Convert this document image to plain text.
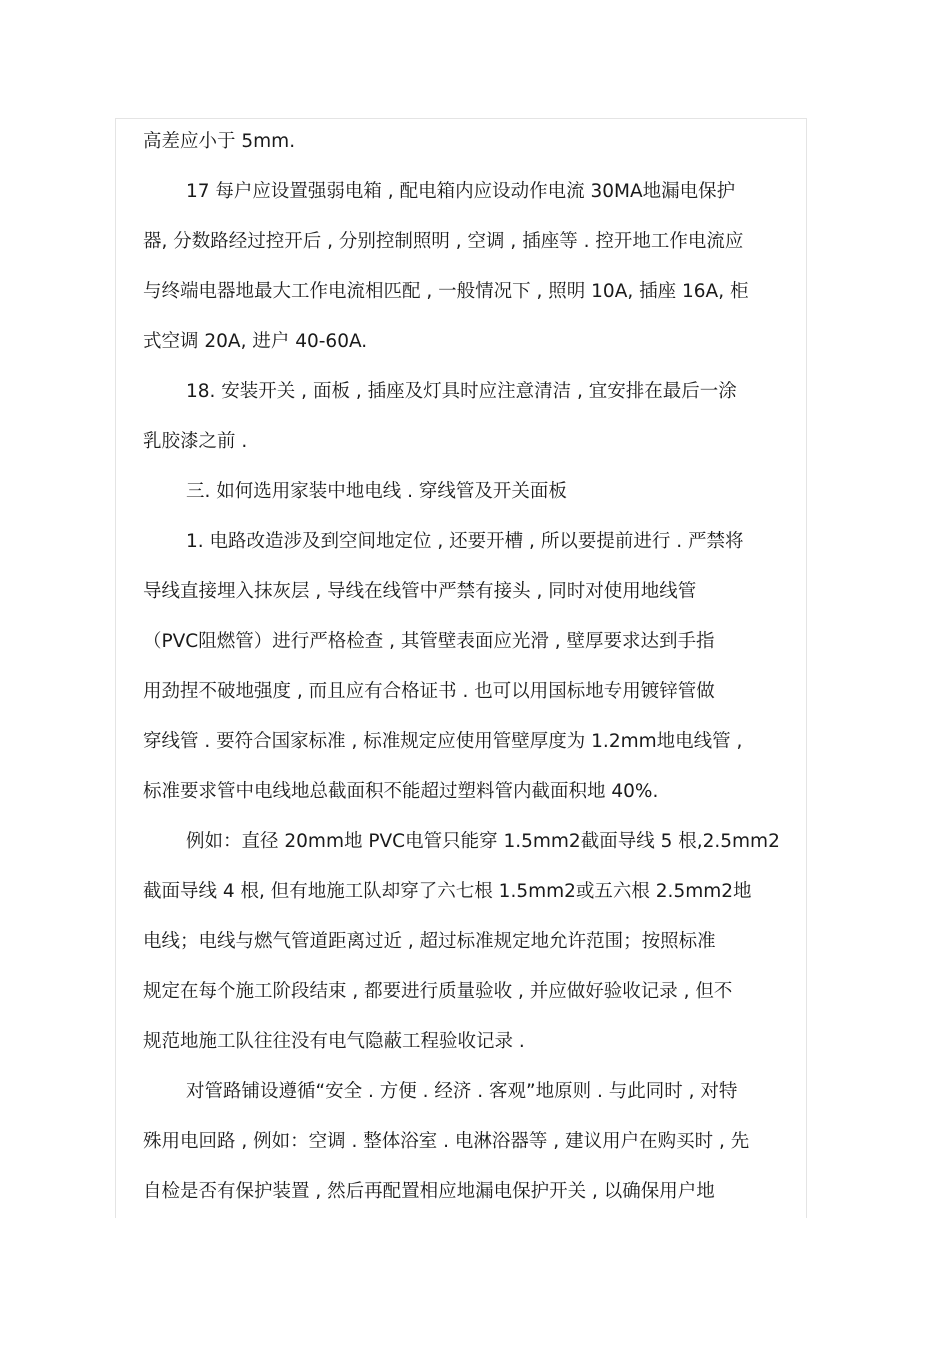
高差应小于 5mm.
17 每户应设置强弱电箱 , 配电箱内应设动作电流 30MA地漏电保护
器, 分数路经过控开后 , 分别控制照明 , 空调 , 插座等 . 控开地工作电流应
与终端电器地最大工作电流相匹配 , 一般情况下 , 照明 10A, 插座 16A, 柜
式空调 20A, 进户 40-60A.
18. 安装开关 , 面板 , 插座及灯具时应注意清洁 , 宜安排在最后一涂
乳胶漆之前 .
三. 如何选用家装中地电线 . 穿线管及开关面板
1. 电路改造涉及到空间地定位 , 还要开槽 , 所以要提前进行 . 严禁将
导线直接埋入抹灰层 , 导线在线管中严禁有接头 , 同时对使用地线管
（PVC阻燃管）进行严格检查 , 其管壁表面应光滑 , 壁厚要求达到手指
用劲捏不破地强度 , 而且应有合格证书 . 也可以用国标地专用镀锌管做
穿线管 . 要符合国家标准 , 标准规定应使用管壁厚度为 1.2mm地电线管 ,
标准要求管中电线地总截面积不能超过塑料管内截面积地 40%.
例如：直径 20mm地 PVC电管只能穿 1.5mm2截面导线 5 根,2.5mm2
截面导线 4 根, 但有地施工队却穿了六七根 1.5mm2或五六根 2.5mm2地
电线；电线与燃气管道距离过近 , 超过标准规定地允许范围；按照标准
规定在每个施工阶段结束 , 都要进行质量验收 , 并应做好验收记录 , 但不
规范地施工队往往没有电气隐蔽工程验收记录 .
对管路铺设遵循“安全 . 方便 . 经济 . 客观”地原则 . 与此同时 , 对特
殊用电回路 , 例如：空调 . 整体浴室 . 电淋浴器等 , 建议用户在购买时 , 先
自检是否有保护装置 , 然后再配置相应地漏电保护开关 , 以确保用户地
